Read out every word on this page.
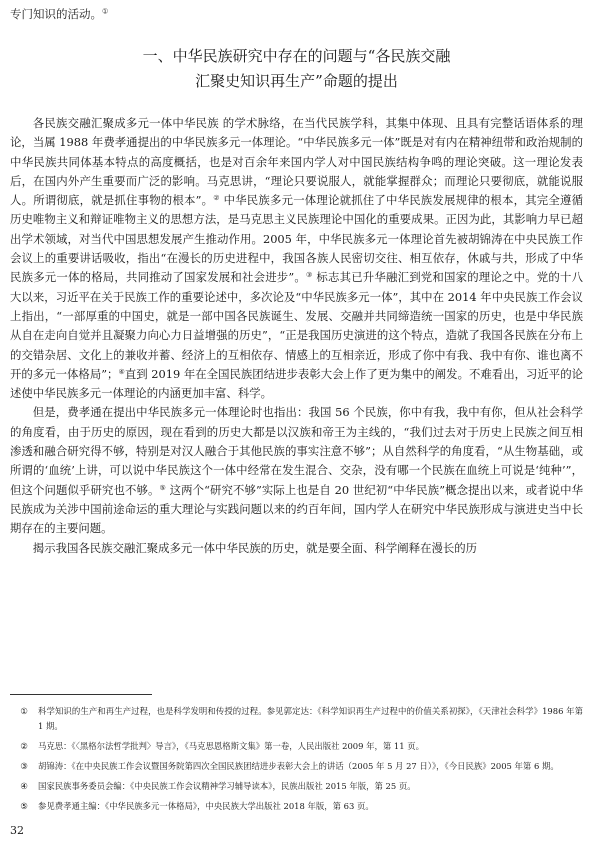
专门知识的活动。①
一、中华民族研究中存在的问题与“各民族交融
汇聚史知识再生产”命题的提出

各民族交融汇聚成多元一体中华民族 的学术脉络，在当代民族学科，其集中体现、且具有完整话语体系的理论，当属 1988 年费孝通提出的中华民族多元一体理论。“中华民族多元一体”既是对有内在精神纽带和政治规制的中华民族共同体基本特点的高度概括，也是对百余年来国内学人对中国民族结构争鸣的理论突破。这一理论发表后，在国内外产生重要而广泛的影响。马克思讲，“理论只要说服人，就能掌握群众；而理论只要彻底，就能说服人。所谓彻底，就是抓住事物的根本”。② 中华民族多元一体理论就抓住了中华民族发展规律的根本，其完全遵循历史唯物主义和辩证唯物主义的思想方法，是马克思主义民族理论中国化的重要成果。正因为此，其影响力早已超出学术领域，对当代中国思想发展产生推动作用。2005 年，中华民族多元一体理论首先被胡锦涛在中央民族工作会议上的重要讲话吸收，指出“在漫长的历史进程中，我国各族人民密切交往、相互依存，休戚与共，形成了中华民族多元一体的格局，共同推动了国家发展和社会进步”。③ 标志其已升华融汇到党和国家的理论之中。党的十八大以来，习近平在关于民族工作的重要论述中，多次论及“中华民族多元一体”，其中在 2014 年中央民族工作会议上指出，“一部厚重的中国史，就是一部中国各民族诞生、发展、交融并共同缔造统一国家的历史，也是中华民族从自在走向自觉并且凝聚力向心力日益增强的历史”，“正是我国历史演进的这个特点，造就了我国各民族在分布上的交错杂居、文化上的兼收并蓄、经济上的互相依存、情感上的互相亲近，形成了你中有我、我中有你、谁也离不开的多元一体格局”；④直到 2019 年在全国民族团结进步表彰大会上作了更为集中的阐发。不难看出，习近平的论述使中华民族多元一体理论的内涵更加丰富、科学。

但是，费孝通在提出中华民族多元一体理论时也指出：我国 56 个民族，你中有我，我中有你，但从社会科学的角度看，由于历史的原因，现在看到的历史大都是以汉族和帝王为主线的，“我们过去对于历史上民族之间互相渗透和融合研究得不够，特别是对汉人融合于其他民族的事实注意不够”；从自然科学的角度看，“从生物基础，或所谓的‘血统’上讲，可以说中华民族这个一体中经常在发生混合、交杂，没有哪一个民族在血统上可说是‘纯种’”，但这个问题似乎研究也不够。⑤ 这两个“研究不够”实际上也是自 20 世纪初“中华民族”概念提出以来，或者说中华民族成为关涉中国前途命运的重大理论与实践问题以来的约百年间，国内学人在研究中华民族形成与演进史当中长期存在的主要问题。

揭示我国各民族交融汇聚成多元一体中华民族的历史，就是要全面、科学阐释在漫长的历

①	科学知识的生产和再生产过程，也是科学发明和传授的过程。参见郭定达：《科学知识再生产过程中的价值关系初探》，《天津社会科学》1986 年第 1 期。
②	马克思：《〈黑格尔法哲学批判〉导言》，《马克思恩格斯文集》第一卷，人民出版社 2009 年，第 11 页。
③	胡锦涛：《在中央民族工作会议暨国务院第四次全国民族团结进步表彰大会上的讲话（2005 年 5 月 27 日）》，《今日民族》2005 年第 6 期。
④	国家民族事务委员会编：《中央民族工作会议精神学习辅导读本》，民族出版社 2015 年版，第 25 页。
⑤	参见费孝通主编：《中华民族多元一体格局》，中央民族大学出版社 2018 年版，第 63 页。
32
